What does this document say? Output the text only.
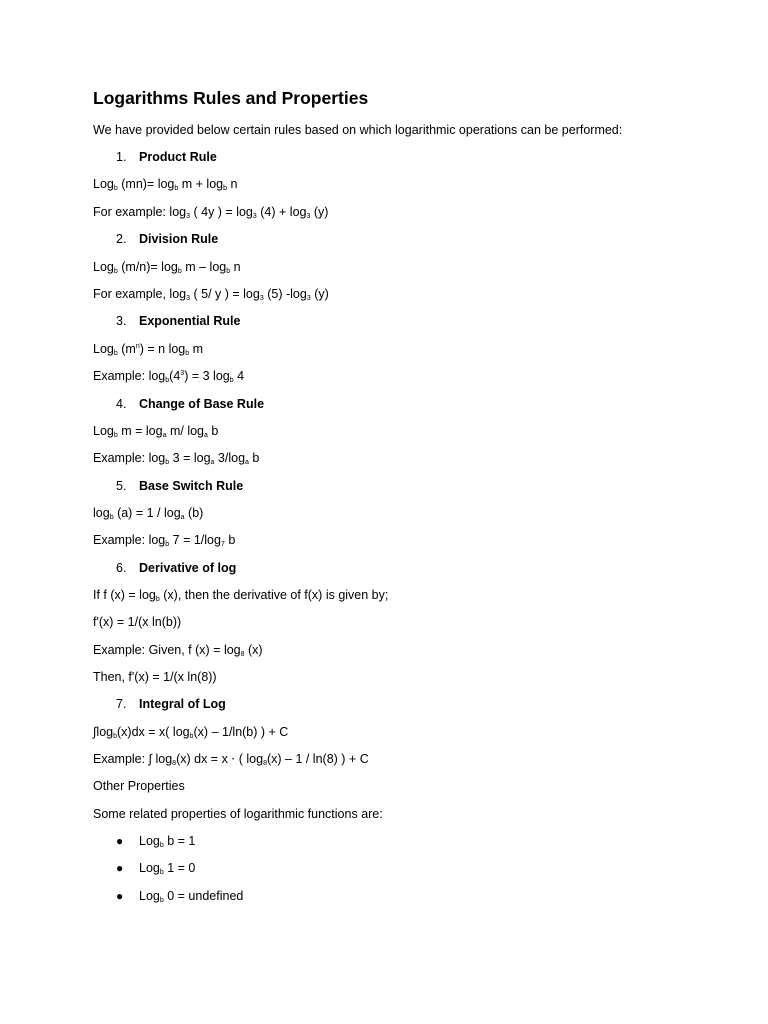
Logarithms Rules and Properties
We have provided below certain rules based on which logarithmic operations can be performed:
1. Product Rule
Log$_b$ $(mn)= \log_b m + \log_b n$
For example: $\log_3$ ( 4y ) = $\log_3 (4) + \log_3 (y)$
2. Division Rule
Log$_b$ $(m/n)= \log_b m - \log_b n$
For example, $\log_3$ ( 5/ y ) = $\log_3 (5)$ $-\log_3$ (y)
3. Exponential Rule
Log$_b$ $(m^n) = n$ $\log_b m$
Example: $\log_b(4^3) = 3$ $\log_b 4$
4. Change of Base Rule
Log$_b$ $m = \log_a m/$ $\log_a b$
Example: $\log_b 3 = \log_a 3/\log_a$ b
5. Base Switch Rule
$\log_b (a) = 1 / \log_a (b)$
Example: $\log_b 7 = 1/\log_7$ b
6. Derivative of log
If f $(x) = \log_b (x)$, then the derivative of f(x) is given by;
f'(x) = 1/(x ln(b))
Example: Given, f $(x) = \log_8 (x)$
Then, f'(x) = 1/(x ln(8))
7. Integral of Log
$\int\log_b(x)dx = x$( $\log_b(x) - 1/\ln(b)$ ) + C
Example: ∫ $\log_8(x)$ dx = x ⋅ ( $\log_8(x) - 1 / \ln(8)$ ) + C
Other Properties
Some related properties of logarithmic functions are:
● Log$_b$ b = 1
● Log$_b$ 1 = 0
● Log$_b$ 0 = undefined
